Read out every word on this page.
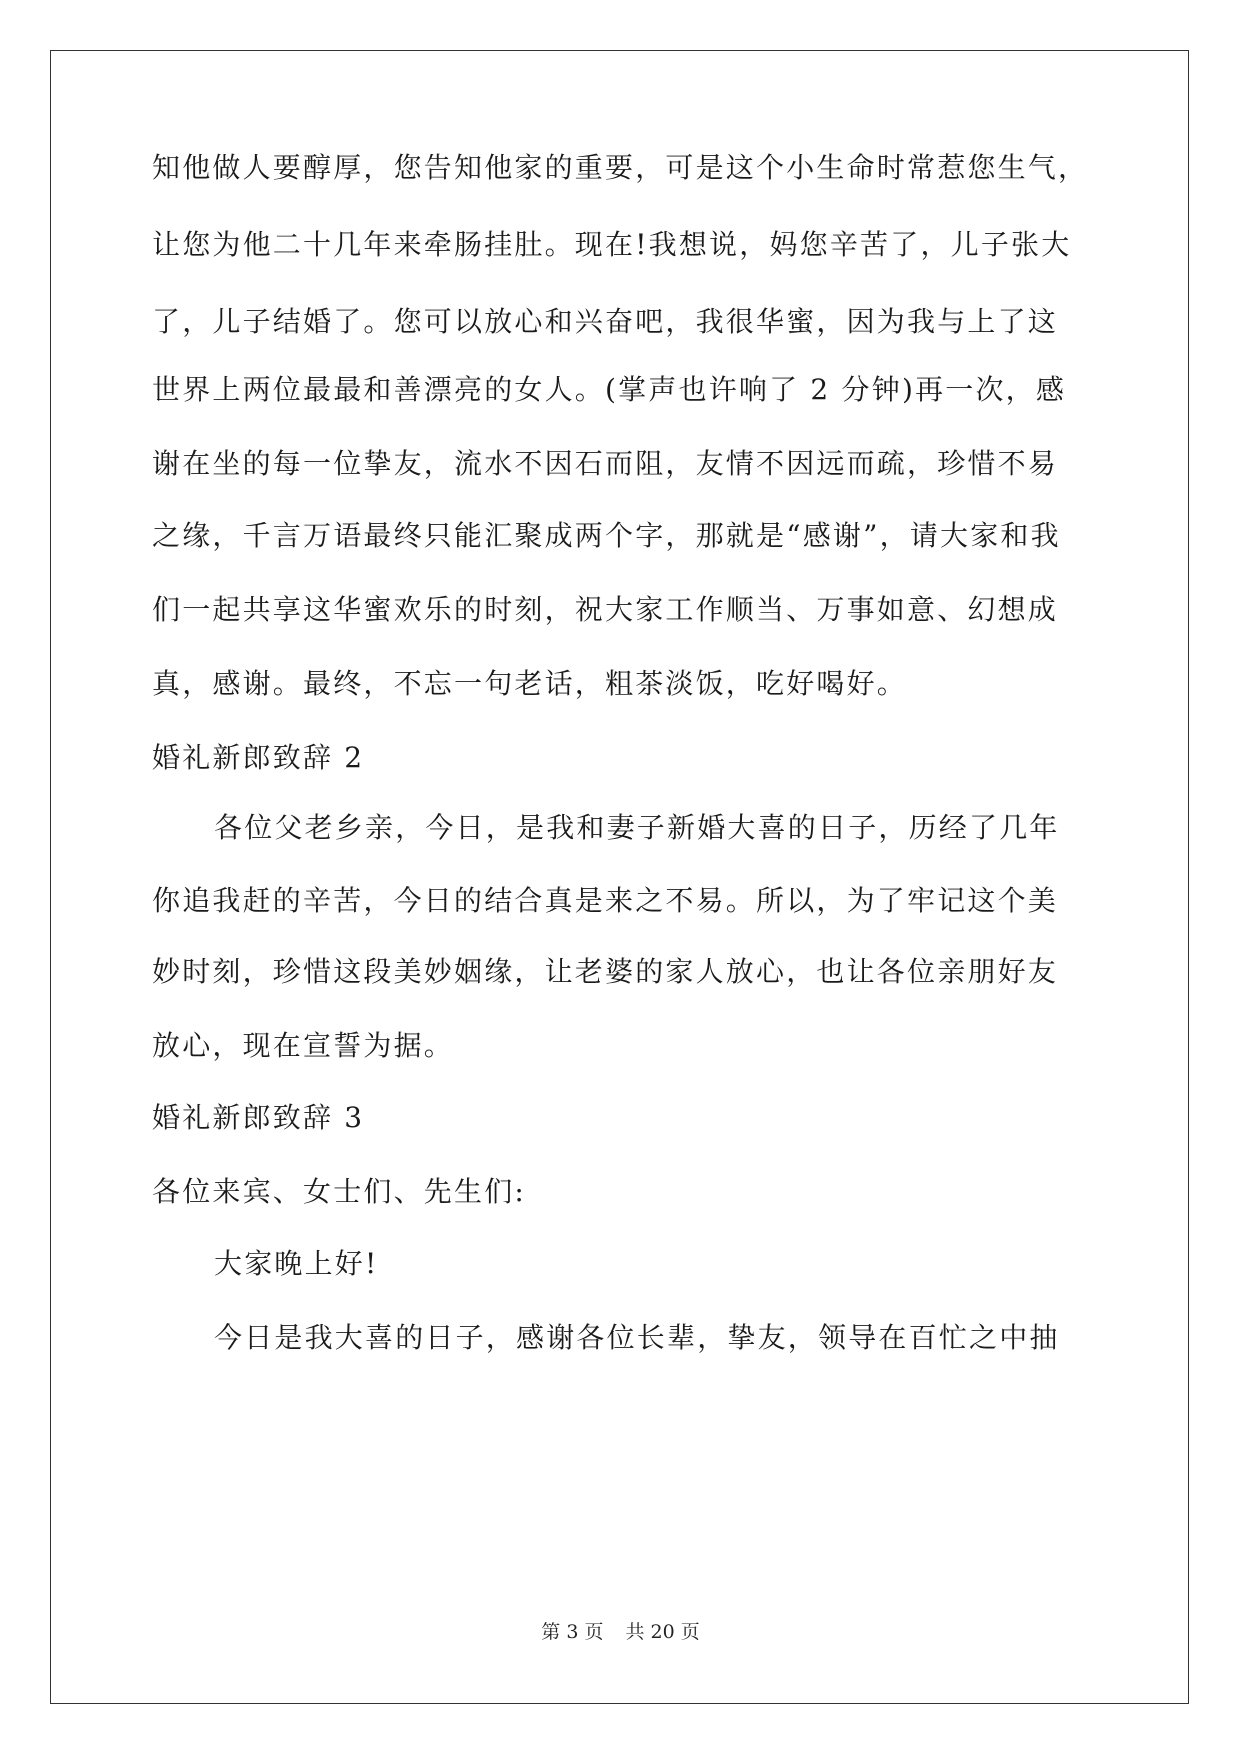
知他做人要醇厚，您告知他家的重要，可是这个小生命时常惹您生气，
让您为他二十几年来牵肠挂肚。现在!我想说，妈您辛苦了，儿子张大
了，儿子结婚了。您可以放心和兴奋吧，我很华蜜，因为我与上了这
世界上两位最最和善漂亮的女人。(掌声也许响了 2 分钟)再一次，感
谢在坐的每一位挚友，流水不因石而阻，友情不因远而疏，珍惜不易
之缘，千言万语最终只能汇聚成两个字，那就是“感谢”，请大家和我
们一起共享这华蜜欢乐的时刻，祝大家工作顺当、万事如意、幻想成
真，感谢。最终，不忘一句老话，粗茶淡饭，吃好喝好。
婚礼新郎致辞 2
各位父老乡亲，今日，是我和妻子新婚大喜的日子，历经了几年
你追我赶的辛苦，今日的结合真是来之不易。所以，为了牢记这个美
妙时刻，珍惜这段美妙姻缘，让老婆的家人放心，也让各位亲朋好友
放心，现在宣誓为据。
婚礼新郎致辞 3
各位来宾、女士们、先生们:
大家晚上好!
今日是我大喜的日子，感谢各位长辈，挚友，领导在百忙之中抽
第 3 页 共 20 页
